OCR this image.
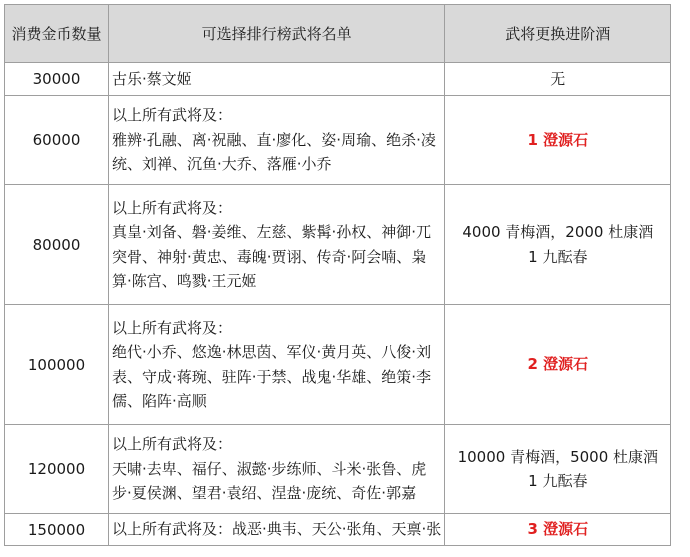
消费金币数量	可选择排行榜武将名单	武将更换进阶酒
30000	古乐·蔡文姬	无

60000	以上所有武将及：
雅辨·孔融、离·祝融、直·廖化、姿·周瑜、绝杀·凌
统、刘禅、沉鱼·大乔、落雁·小乔	1 澄源石

80000	以上所有武将及：
真皇·刘备、磐·姜维、左慈、紫髯·孙权、神御·兀
突骨、神射·黄忠、毒魄·贾诩、传奇·阿会喃、枭
算·陈宫、鸣戮·王元姬	4000 青梅酒，2000 杜康酒
1 九酝春

100000	以上所有武将及：
绝代·小乔、悠逸·林思茵、军仪·黄月英、八俊·刘
表、守成·蒋琬、驻阵·于禁、战鬼·华雄、绝策·李
儒、陷阵·高顺	2 澄源石

120000	以上所有武将及：
天啸·去卑、福仔、淑懿·步练师、斗米·张鲁、虎
步·夏侯渊、望君·袁绍、涅盘·庞统、奇佐·郭嘉	10000 青梅酒，5000 杜康酒
1 九酝春

150000	以上所有武将及：战恶·典韦、天公·张角、天禀·张	3 澄源石
